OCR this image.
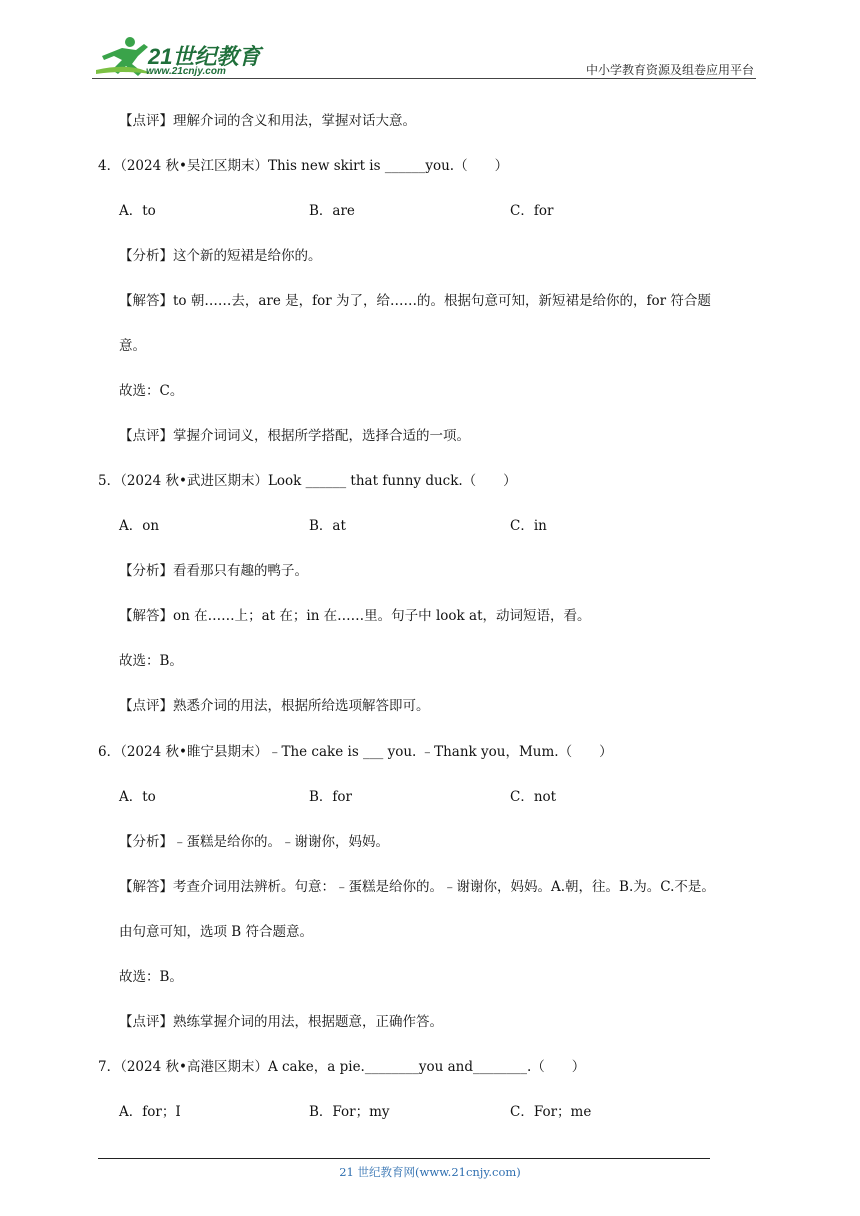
21世纪教育
www.21cnjy.com	中小学教育资源及组卷应用平台
【点评】理解介词的含义和用法，掌握对话大意。
4．（2024 秋•吴江区期末）This new skirt is ______you.（　　）
A．to	B．are	C．for
【分析】这个新的短裙是给你的。
【解答】to 朝……去，are 是，for 为了，给……的。根据句意可知，新短裙是给你的，for 符合题
意。
故选：C。
【点评】掌握介词词义，根据所学搭配，选择合适的一项。
5．（2024 秋•武进区期末）Look ______ that funny duck.（　　）
A．on	B．at	C．in
【分析】看看那只有趣的鸭子。
【解答】on 在……上；at 在；in 在……里。句子中 look at，动词短语，看。
故选：B。
【点评】熟悉介词的用法，根据所给选项解答即可。
6．（2024 秋•睢宁县期末）﹣The cake is ___ you. ﹣Thank you，Mum.（　　）
A．to	B．for	C．not
【分析】﹣蛋糕是给你的。﹣谢谢你，妈妈。
【解答】考查介词用法辨析。句意：﹣蛋糕是给你的。﹣谢谢你，妈妈。A.朝，往。B.为。C.不是。
由句意可知，选项 B 符合题意。
故选：B。
【点评】熟练掌握介词的用法，根据题意，正确作答。
7．（2024 秋•高港区期末）A cake，a pie.________you and________.（　　）
A．for；I	B．For；my	C．For；me
21 世纪教育网(www.21cnjy.com)
